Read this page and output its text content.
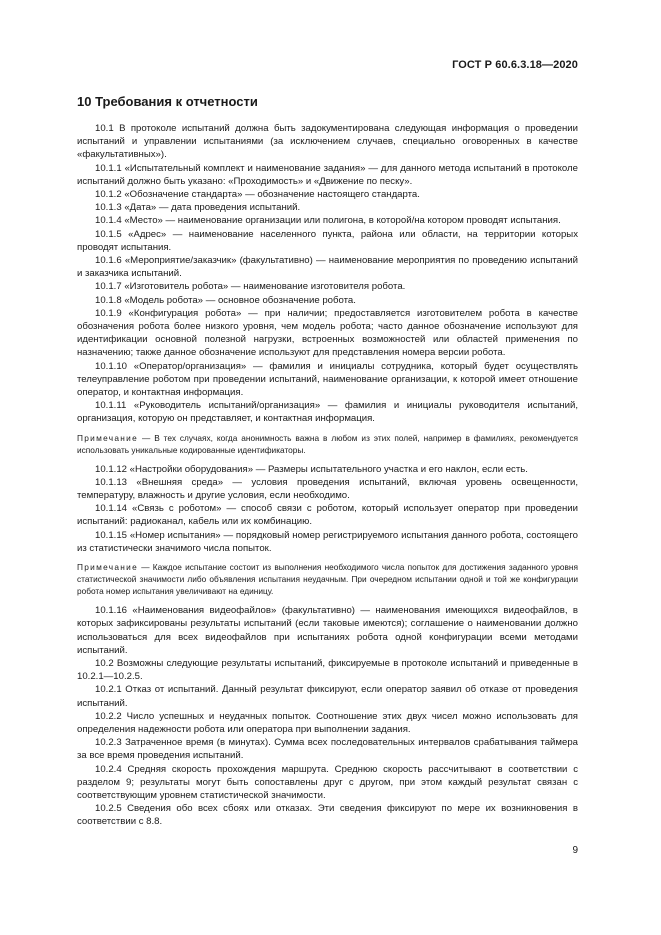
ГОСТ Р 60.6.3.18—2020
10 Требования к отчетности

10.1 В протоколе испытаний должна быть задокументирована следующая информация о проведении испытаний и управлении испытаниями (за исключением случаев, специально оговоренных в качестве «факультативных»).

10.1.1 «Испытательный комплект и наименование задания» — для данного метода испытаний в протоколе испытаний должно быть указано: «Проходимость» и «Движение по песку».

10.1.2 «Обозначение стандарта» — обозначение настоящего стандарта.

10.1.3 «Дата» — дата проведения испытаний.

10.1.4 «Место» — наименование организации или полигона, в которой/на котором проводят испытания.

10.1.5 «Адрес» — наименование населенного пункта, района или области, на территории которых проводят испытания.

10.1.6 «Мероприятие/заказчик» (факультативно) — наименование мероприятия по проведению испытаний и заказчика испытаний.

10.1.7 «Изготовитель робота» — наименование изготовителя робота.

10.1.8 «Модель робота» — основное обозначение робота.

10.1.9 «Конфигурация робота» — при наличии; предоставляется изготовителем робота в качестве обозначения робота более низкого уровня, чем модель робота; часто данное обозначение используют для идентификации основной полезной нагрузки, встроенных возможностей или областей применения по назначению; также данное обозначение используют для представления номера версии робота.

10.1.10 «Оператор/организация» — фамилия и инициалы сотрудника, который будет осуществлять телеуправление роботом при проведении испытаний, наименование организации, к которой имеет отношение оператор, и контактная информация.

10.1.11 «Руководитель испытаний/организация» — фамилия и инициалы руководителя испытаний, организация, которую он представляет, и контактная информация.

Примечание — В тех случаях, когда анонимность важна в любом из этих полей, например в фамилиях, рекомендуется использовать уникальные кодированные идентификаторы.

10.1.12 «Настройки оборудования» — Размеры испытательного участка и его наклон, если есть.

10.1.13 «Внешняя среда» — условия проведения испытаний, включая уровень освещенности, температуру, влажность и другие условия, если необходимо.

10.1.14 «Связь с роботом» — способ связи с роботом, который использует оператор при проведении испытаний: радиоканал, кабель или их комбинацию.

10.1.15 «Номер испытания» — порядковый номер регистрируемого испытания данного робота, состоящего из статистически значимого числа попыток.

Примечание — Каждое испытание состоит из выполнения необходимого числа попыток для достижения заданного уровня статистической значимости либо объявления испытания неудачным. При очередном испытании одной и той же конфигурации робота номер испытания увеличивают на единицу.

10.1.16 «Наименования видеофайлов» (факультативно) — наименования имеющихся видеофайлов, в которых зафиксированы результаты испытаний (если таковые имеются); соглашение о наименовании должно использоваться для всех видеофайлов при испытаниях робота одной конфигурации всеми методами испытаний.

10.2 Возможны следующие результаты испытаний, фиксируемые в протоколе испытаний и приведенные в 10.2.1—10.2.5.

10.2.1 Отказ от испытаний. Данный результат фиксируют, если оператор заявил об отказе от проведения испытаний.

10.2.2 Число успешных и неудачных попыток. Соотношение этих двух чисел можно использовать для определения надежности робота или оператора при выполнении задания.

10.2.3 Затраченное время (в минутах). Сумма всех последовательных интервалов срабатывания таймера за все время проведения испытаний.

10.2.4 Средняя скорость прохождения маршрута. Среднюю скорость рассчитывают в соответствии с разделом 9; результаты могут быть сопоставлены друг с другом, при этом каждый результат связан с соответствующим уровнем статистической значимости.

10.2.5 Сведения обо всех сбоях или отказах. Эти сведения фиксируют по мере их возникновения в соответствии с 8.8.

9
